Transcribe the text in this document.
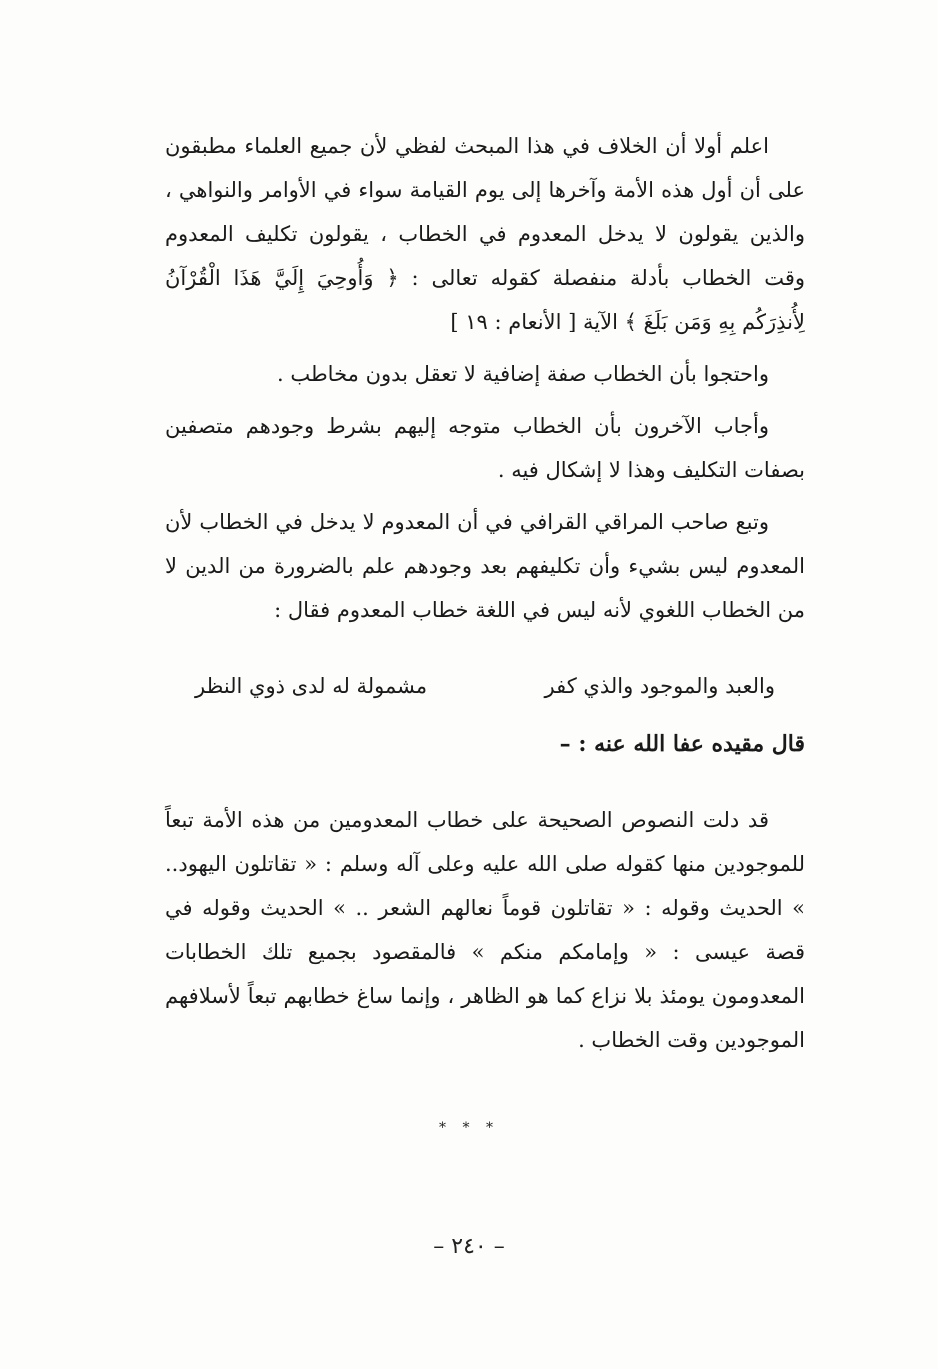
اعلم أولا أن الخلاف في هذا المبحث لفظي لأن جميع العلماء مطبقون على أن أول هذه الأمة وآخرها إلى يوم القيامة سواء في الأوامر والنواهي ، والذين يقولون لا يدخل المعدوم في الخطاب ، يقولون تكليف المعدوم وقت الخطاب بأدلة منفصلة كقوله تعالى : ﴿ وَأُوحِيَ إِلَيَّ هَذَا الْقُرْآنُ لِأُنذِرَكُم بِهِ وَمَن بَلَغَ ﴾ الآية [ الأنعام : ١٩ ]

واحتجوا بأن الخطاب صفة إضافية لا تعقل بدون مخاطب .

وأجاب الآخرون بأن الخطاب متوجه إليهم بشرط وجودهم متصفين بصفات التكليف وهذا لا إشكال فيه .

وتبع صاحب المراقي القرافي في أن المعدوم لا يدخل في الخطاب لأن المعدوم ليس بشيء وأن تكليفهم بعد وجودهم علم بالضرورة من الدين لا من الخطاب اللغوي لأنه ليس في اللغة خطاب المعدوم فقال :

والعبد والموجود والذي كفر
مشمولة له لدى ذوي النظر
قال مقيده عفا الله عنه : –

قد دلت النصوص الصحيحة على خطاب المعدومين من هذه الأمة تبعاً للموجودين منها كقوله صلى الله عليه وعلى آله وسلم : « تقاتلون اليهود.. » الحديث وقوله : « تقاتلون قوماً نعالهم الشعر .. » الحديث وقوله في قصة عيسى : « وإمامكم منكم » فالمقصود بجميع تلك الخطابات المعدومون يومئذ بلا نزاع كما هو الظاهر ، وإنما ساغ خطابهم تبعاً لأسلافهم الموجودين وقت الخطاب .

* * *
– ٢٤٠ –
